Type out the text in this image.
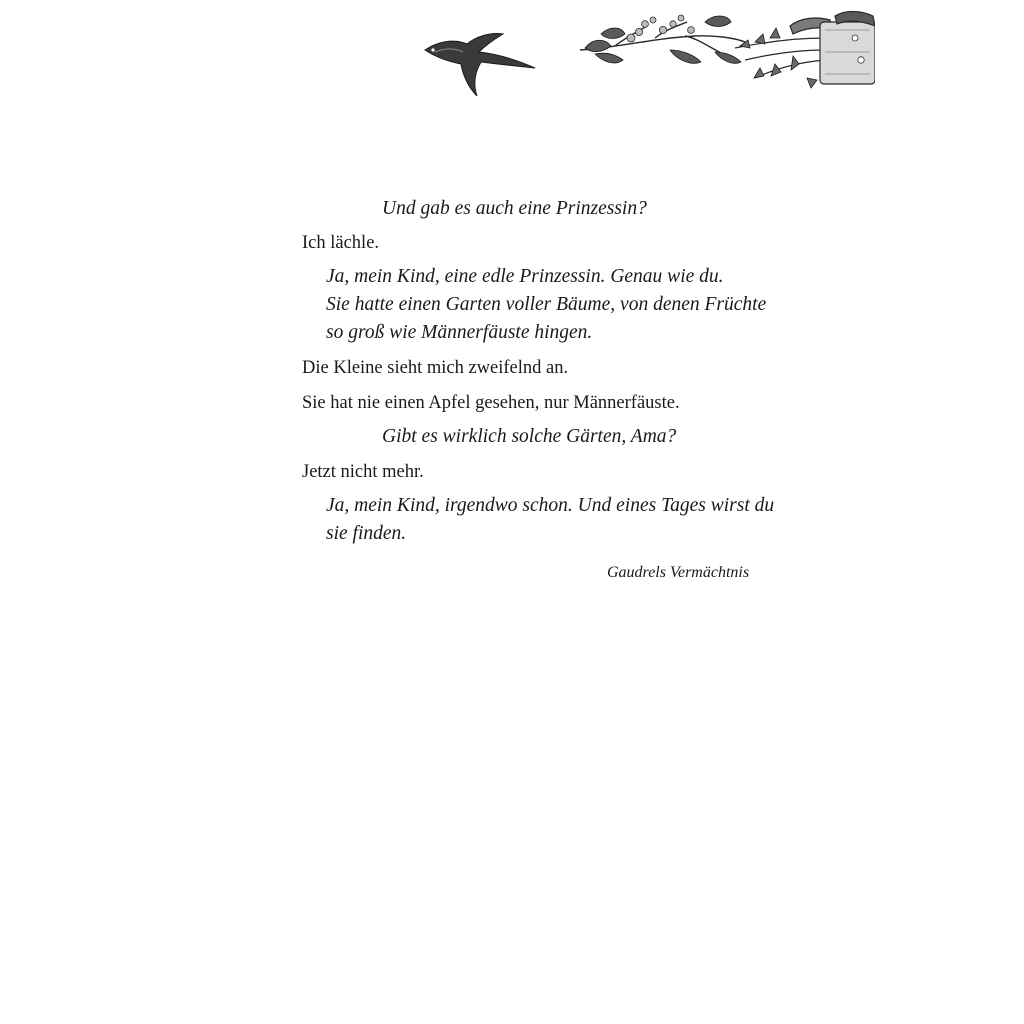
Und gab es auch eine Prinzessin?
Ich lächle.
Ja, mein Kind, eine edle Prinzessin. Genau wie du.
Sie hatte einen Garten voller Bäume, von denen Früchte
so groß wie Männerfäuste hingen.
Die Kleine sieht mich zweifelnd an.
Sie hat nie einen Apfel gesehen, nur Männerfäuste.
Gibt es wirklich solche Gärten, Ama?
Jetzt nicht mehr.
Ja, mein Kind, irgendwo schon. Und eines Tages wirst du
sie finden.
Gaudrels Vermächtnis
